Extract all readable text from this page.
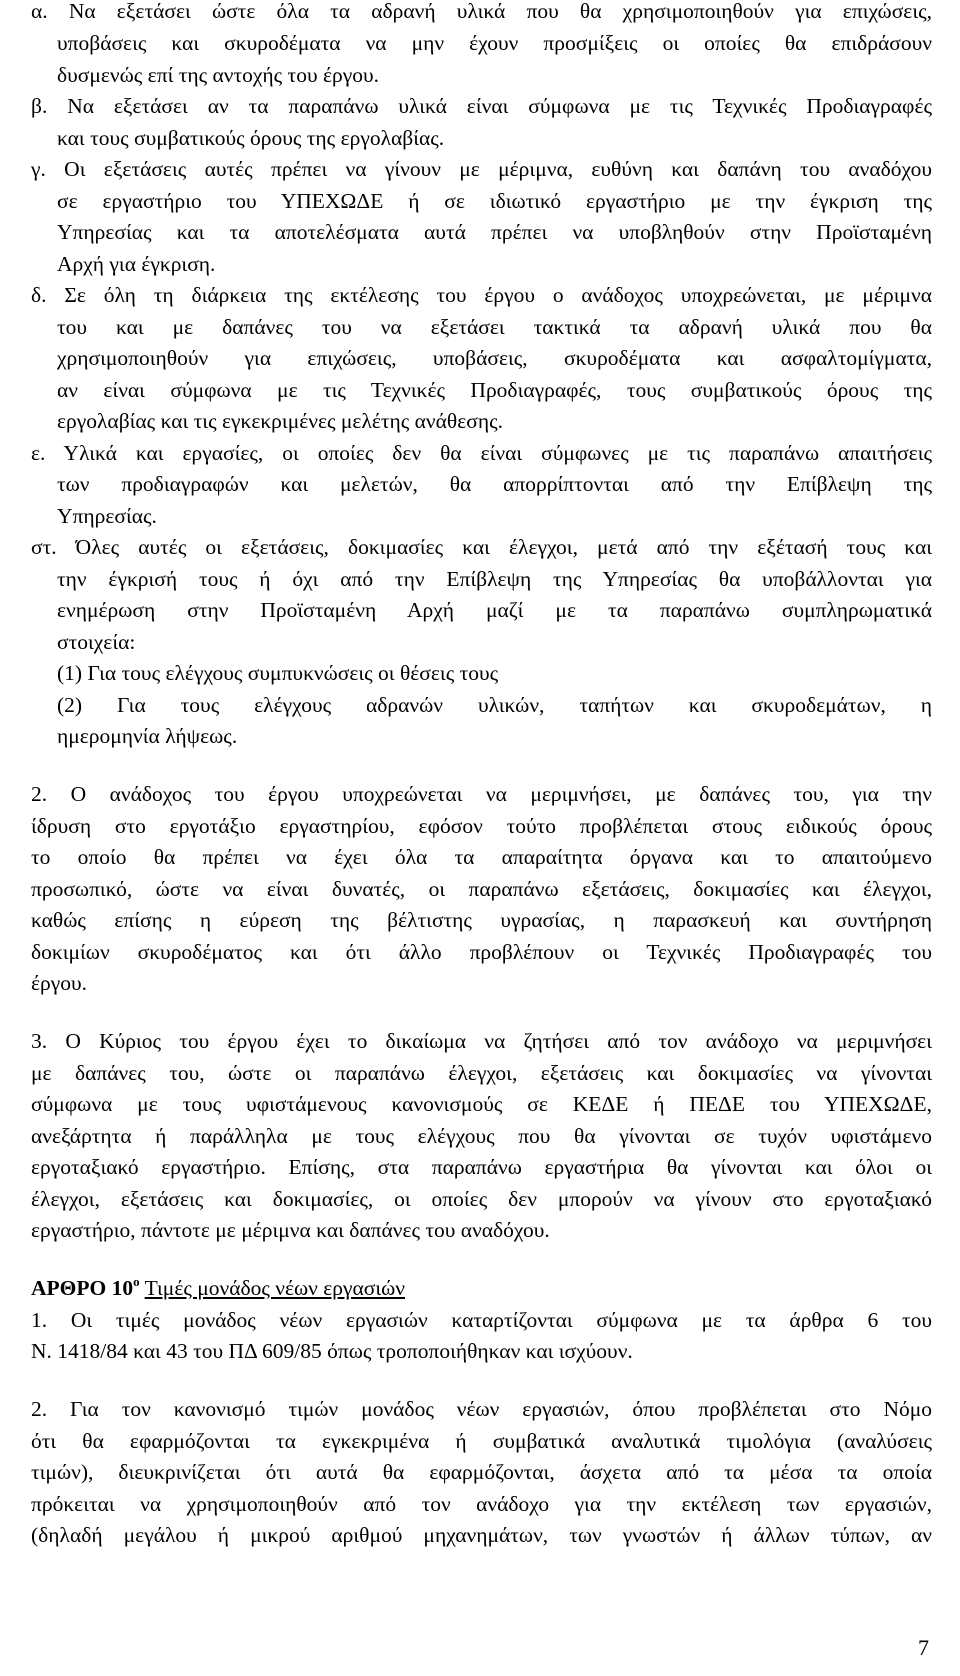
α. Να εξετάσει ώστε όλα τα αδρανή υλικά που θα χρησιμοποιηθούν για επιχώσεις,
υποβάσεις και σκυροδέματα να μην έχουν προσμίξεις οι οποίες θα επιδράσουν
δυσμενώς επί της αντοχής του έργου.
β. Να εξετάσει αν τα παραπάνω υλικά είναι σύμφωνα με τις Τεχνικές Προδιαγραφές
και τους συμβατικούς όρους της εργολαβίας.
γ. Οι εξετάσεις αυτές πρέπει να γίνουν με μέριμνα, ευθύνη και δαπάνη του αναδόχου
σε εργαστήριο του ΥΠΕΧΩΔΕ ή σε ιδιωτικό εργαστήριο με την έγκριση της
Υπηρεσίας και τα αποτελέσματα αυτά πρέπει να υποβληθούν στην Προϊσταμένη
Αρχή για έγκριση.
δ. Σε όλη τη διάρκεια της εκτέλεσης του έργου ο ανάδοχος υποχρεώνεται, με μέριμνα
του και με δαπάνες του να εξετάσει τακτικά τα αδρανή υλικά που θα
χρησιμοποιηθούν για επιχώσεις, υποβάσεις, σκυροδέματα και ασφαλτομίγματα,
αν είναι σύμφωνα με τις Τεχνικές Προδιαγραφές, τους συμβατικούς όρους της
εργολαβίας και τις εγκεκριμένες μελέτης ανάθεσης.
ε. Υλικά και εργασίες, οι οποίες δεν θα είναι σύμφωνες με τις παραπάνω απαιτήσεις
των προδιαγραφών και μελετών, θα απορρίπτονται από την Επίβλεψη της
Υπηρεσίας.
στ. Όλες αυτές οι εξετάσεις, δοκιμασίες και έλεγχοι, μετά από την εξέτασή τους και
την έγκρισή τους ή όχι από την Επίβλεψη της Υπηρεσίας θα υποβάλλονται για
ενημέρωση στην Προϊσταμένη Αρχή μαζί με τα παραπάνω συμπληρωματικά
στοιχεία:
(1) Για τους ελέγχους συμπυκνώσεις οι θέσεις τους
(2) Για τους ελέγχους αδρανών υλικών, ταπήτων και σκυροδεμάτων, η
ημερομηνία λήψεως.
2. Ο ανάδοχος του έργου υποχρεώνεται να μεριμνήσει, με δαπάνες του, για την
ίδρυση στο εργοτάξιο εργαστηρίου, εφόσον τούτο προβλέπεται στους ειδικούς όρους
το οποίο θα πρέπει να έχει όλα τα απαραίτητα όργανα και το απαιτούμενο
προσωπικό, ώστε να είναι δυνατές, οι παραπάνω εξετάσεις, δοκιμασίες και έλεγχοι,
καθώς επίσης η εύρεση της βέλτιστης υγρασίας, η παρασκευή και συντήρηση
δοκιμίων σκυροδέματος και ότι άλλο προβλέπουν οι Τεχνικές Προδιαγραφές του
έργου.
3. Ο Κύριος του έργου έχει το δικαίωμα να ζητήσει από τον ανάδοχο να μεριμνήσει
με δαπάνες του, ώστε οι παραπάνω έλεγχοι, εξετάσεις και δοκιμασίες να γίνονται
σύμφωνα με τους υφιστάμενους κανονισμούς σε ΚΕΔΕ ή ΠΕΔΕ του ΥΠΕΧΩΔΕ,
ανεξάρτητα ή παράλληλα με τους ελέγχους που θα γίνονται σε τυχόν υφιστάμενο
εργοταξιακό εργαστήριο. Επίσης, στα παραπάνω εργαστήρια θα γίνονται και όλοι οι
έλεγχοι, εξετάσεις και δοκιμασίες, οι οποίες δεν μπορούν να γίνουν στο εργοταξιακό
εργαστήριο, πάντοτε με μέριμνα και δαπάνες του αναδόχου.
ΑΡΘΡΟ $10^o$ Τιμές μονάδος νέων εργασιών
1. Οι τιμές μονάδος νέων εργασιών καταρτίζονται σύμφωνα με τα άρθρα 6 του
Ν. 1418/84 και 43 του ΠΔ 609/85 όπως τροποποιήθηκαν και ισχύουν.
2. Για τον κανονισμό τιμών μονάδος νέων εργασιών, όπου προβλέπεται στο Νόμο
ότι θα εφαρμόζονται τα εγκεκριμένα ή συμβατικά αναλυτικά τιμολόγια (αναλύσεις
τιμών), διευκρινίζεται ότι αυτά θα εφαρμόζονται, άσχετα από τα μέσα τα οποία
πρόκειται να χρησιμοποιηθούν από τον ανάδοχο για την εκτέλεση των εργασιών,
(δηλαδή μεγάλου ή μικρού αριθμού μηχανημάτων, των γνωστών ή άλλων τύπων, αν
7
